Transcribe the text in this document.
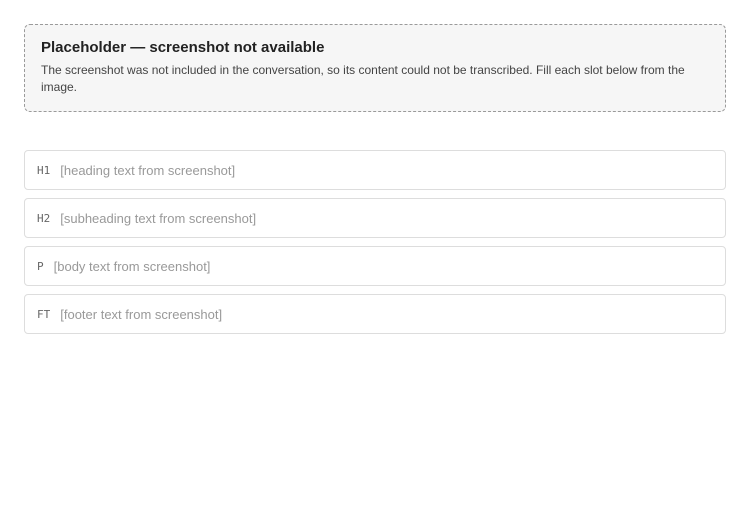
Placeholder — screenshot not available

The screenshot was not included in the conversation, so its content could not be transcribed. Fill each slot below from the image.

H1 [heading text from screenshot]
H2 [subheading text from screenshot]
P [body text from screenshot]
FT [footer text from screenshot]
